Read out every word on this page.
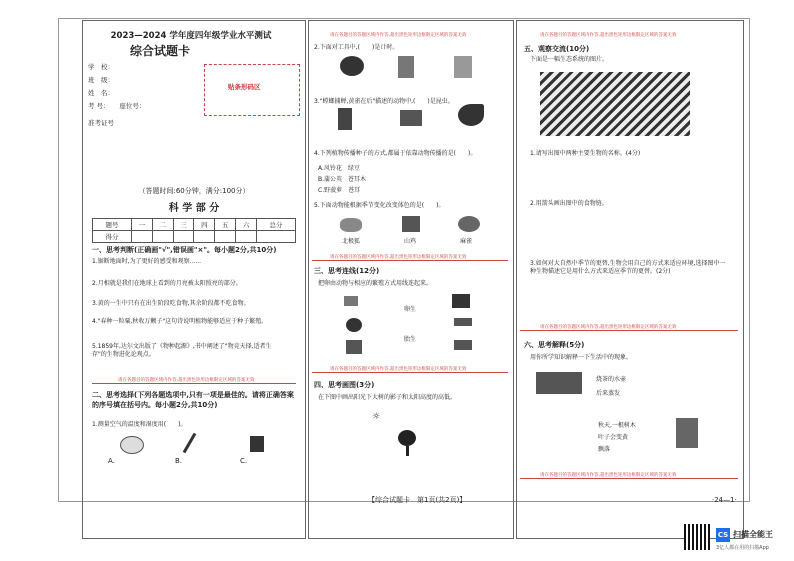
2023—2024 学年度四年级学业水平测试
综合试题卡
贴条形码区
学　校：
班　级：
姓　名：
考 号：　　座位号：
准考证号
（答题时间:60分钟，满分:100分）
科 学 部 分
题号	一	二	三	四	五	六	总分
得分							
一、思考判断(正确画"√",错误画"×"。每小题2分,共10分)
1.锯断地面时,为了更好的感受和观察......
2.月相就是我们在地球上看到的月亮被太阳照亮的部分。
3.黄的一生中只有在出生阶段吃食物,其余阶段都不吃食物。
4."春种一粒粟,秋收万颗子"这句诗说明植物能够适应于种子繁殖。
5.1859年,达尔文出版了《物种起源》,书中阐述了"物竞天择,适者生存"的生物进化论观点。
请在各题目的答题区域内作答,超出黑色矩形边框限定区域的答案无效
二、思考选择(下列各题选项中,只有一项是最佳的。请将正确答案的序号填在括号内。每小题2分,共10分)
1.测量空气的温度和湿度用(　　)。
A.	B.	C.
请在各题目的答题区域内作答,超出黑色矩形边框限定区域的答案无效
2.下面对工具中,(　　)是计时。
3."螳螂捕蝉,黄雀在后"描述的动物中,(　　)是昆虫。
4.下列植物传播种子的方式,都属于依靠动物传播的是(　　)。
A.风铃花　绿豆
B.蒲公英　苍耳木
C.野菠萝　苍耳
5.下面动物能根据季节变化改变体色的是(　　)。
北极狐	山鸡	麻雀
请在各题目的答题区域内作答,超出黑色矩形边框限定区域的答案无效
三、思考连线(12分)
把卵由动物与相应的繁殖方式用线连起来。
卵生
胎生
请在各题目的答题区域内作答,超出黑色矩形边框限定区域的答案无效
四、思考画图(3分)
在下图中画出阳光下大树的影子和太阳高度的高低。
☼
请在各题目的答题区域内作答,超出黑色矩形边框限定区域的答案无效
五、观察交流(10分)
下面是一幅生态系统的图片。
1.请写出图中两种主要生物的名称。(4分)
2.用箭头画出图中的食物链。
3.如何对大自然中季节的更替,生物会用自己的方式来适应环境,选择图中一种生物描述它是用什么方式来适应季节的更替。(2分)
请在各题目的答题区域内作答,超出黑色矩形边框限定区域的答案无效
六、思考解释(5分)
用你所学知识解释一下生活中的现象。
烧茶的水壶
后来蒸发
秋天,一根树木
叶子会变黄
飘落
请在各题目的答题区域内作答,超出黑色矩形边框限定区域的答案无效
【综合试题卡　第1页(共2页)】	·24—1·
CS 扫描全能王
3亿人都在用的扫描App
